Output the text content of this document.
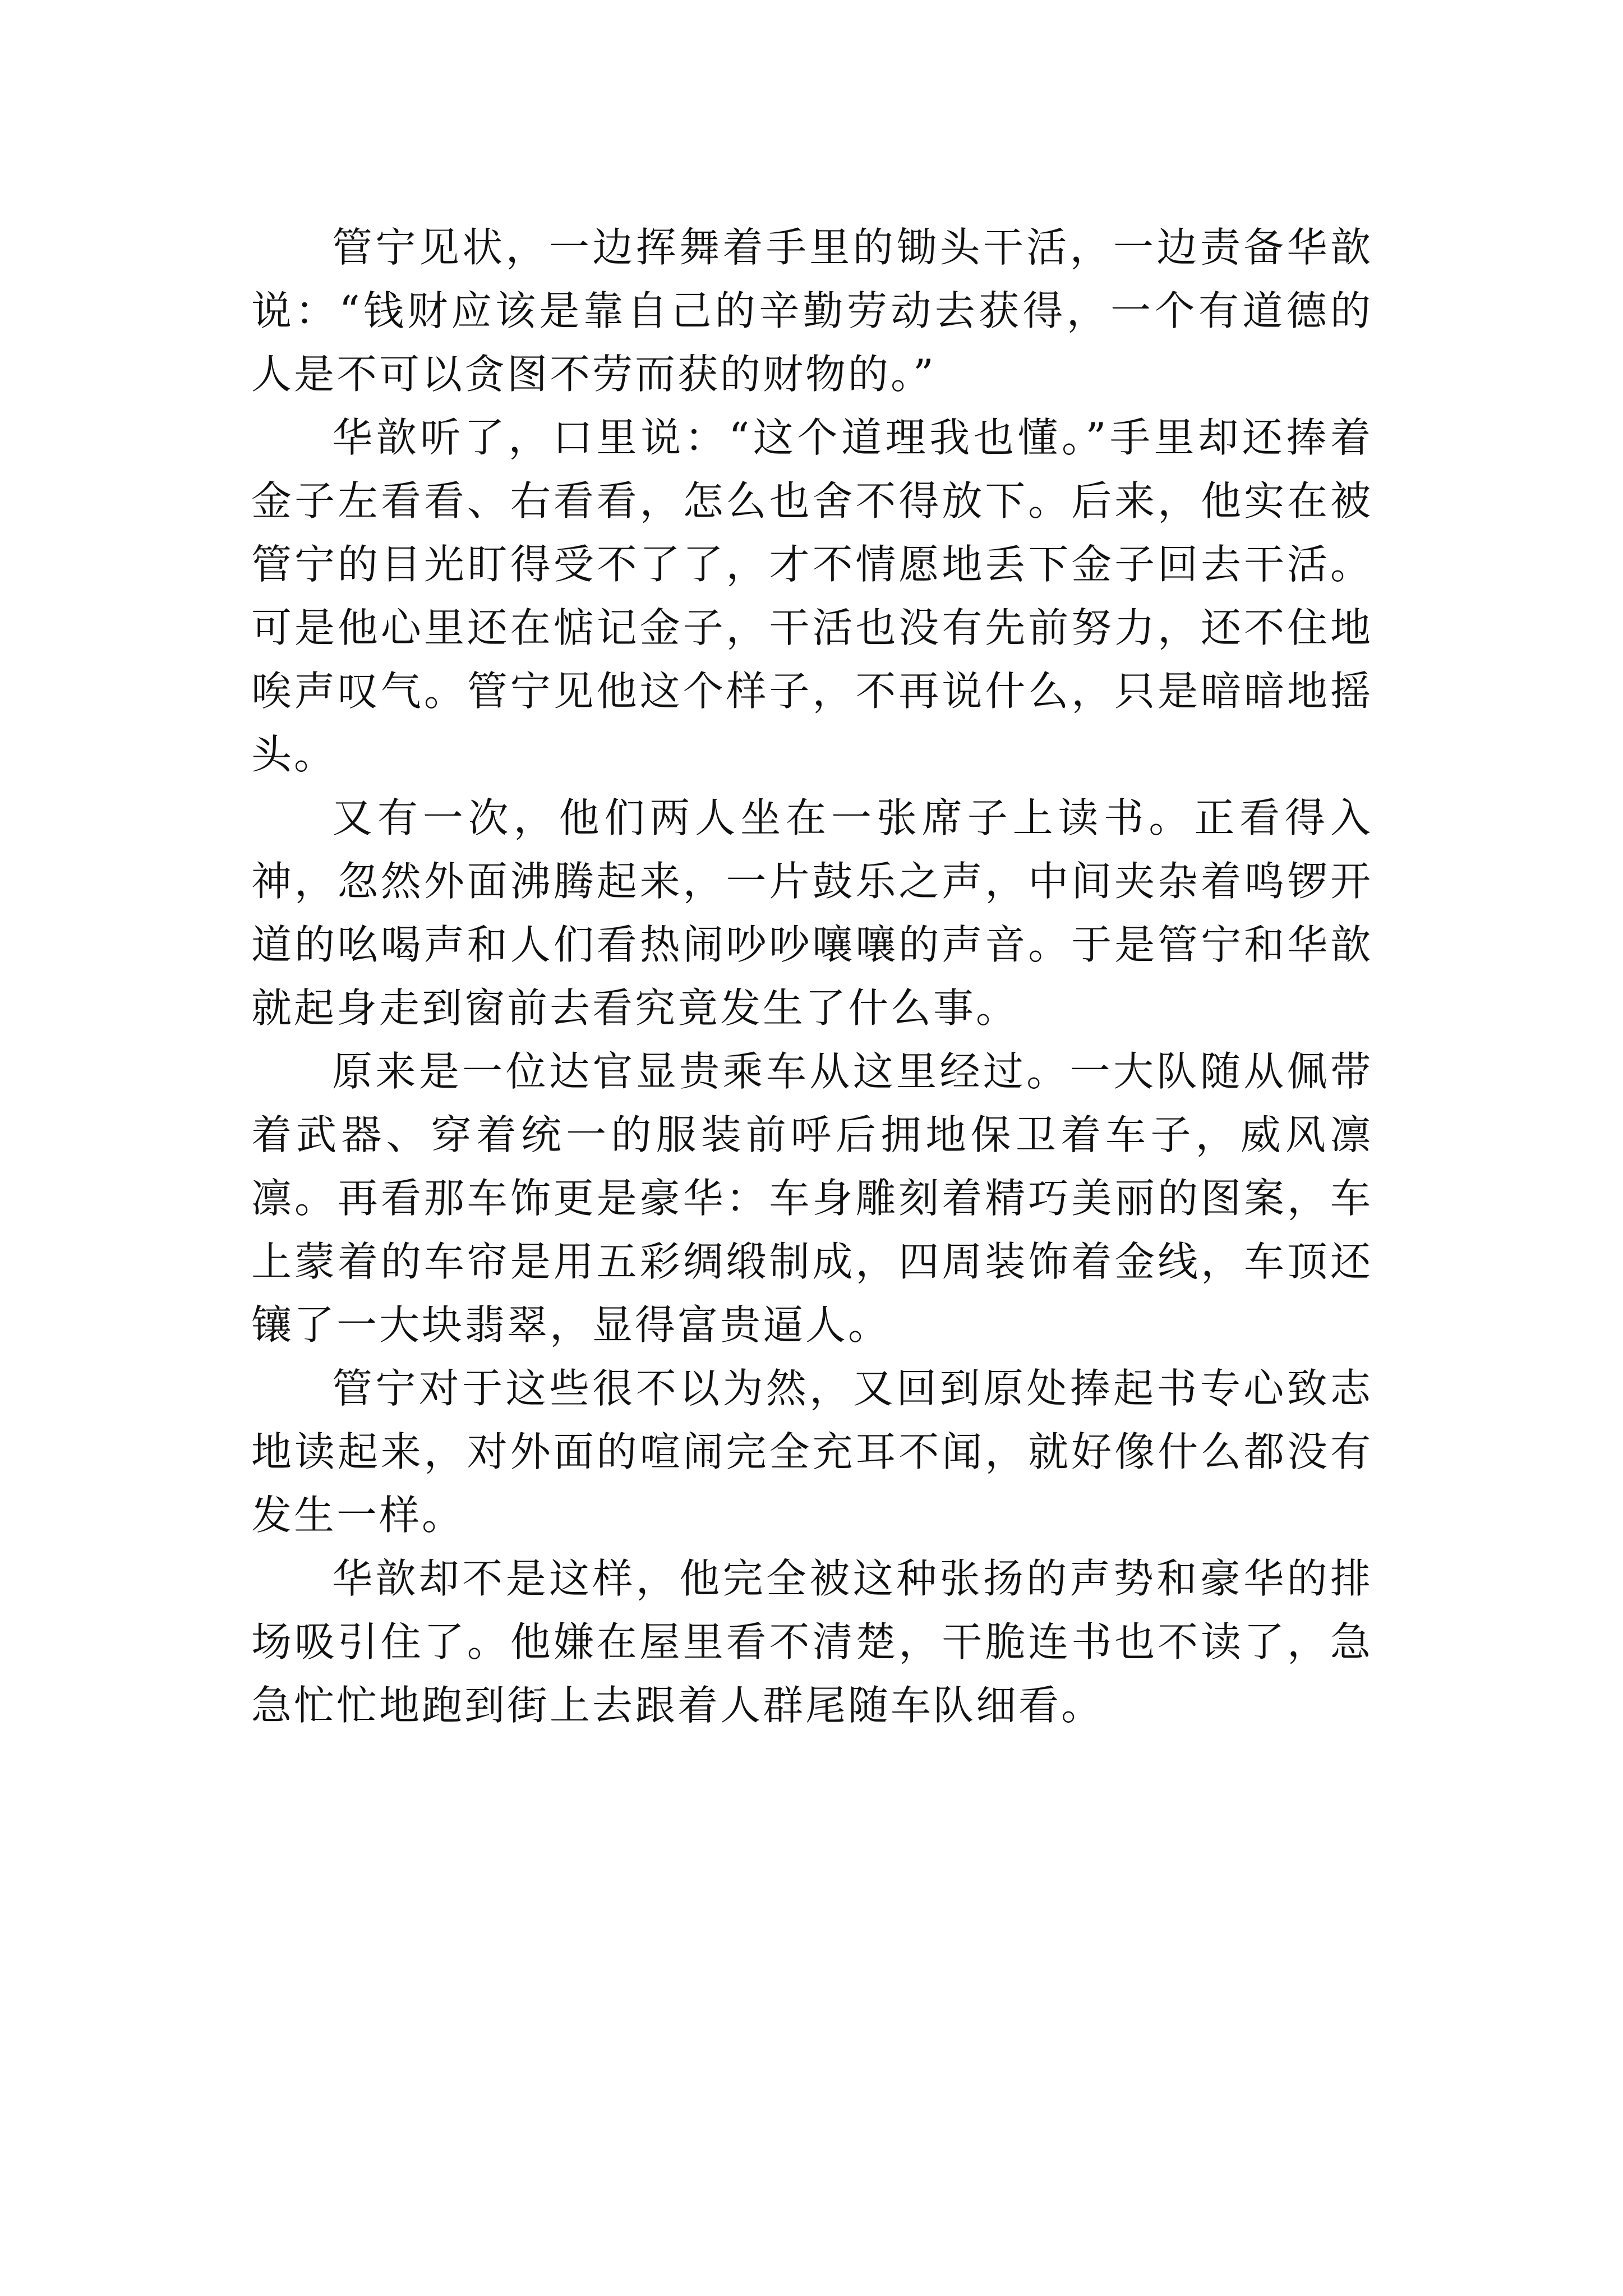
管宁见状，一边挥舞着手里的锄头干活，一边责备华歆说：“钱财应该是靠自己的辛勤劳动去获得，一个有道德的人是不可以贪图不劳而获的财物的。”

华歆听了，口里说：“这个道理我也懂。”手里却还捧着金子左看看、右看看，怎么也舍不得放下。后来，他实在被管宁的目光盯得受不了了，才不情愿地丢下金子回去干活。可是他心里还在惦记金子，干活也没有先前努力，还不住地唉声叹气。管宁见他这个样子，不再说什么，只是暗暗地摇头。

又有一次，他们两人坐在一张席子上读书。正看得入神，忽然外面沸腾起来，一片鼓乐之声，中间夹杂着鸣锣开道的吆喝声和人们看热闹吵吵嚷嚷的声音。于是管宁和华歆就起身走到窗前去看究竟发生了什么事。

原来是一位达官显贵乘车从这里经过。一大队随从佩带着武器、穿着统一的服装前呼后拥地保卫着车子，威风凛凛。再看那车饰更是豪华：车身雕刻着精巧美丽的图案，车上蒙着的车帘是用五彩绸缎制成，四周装饰着金线，车顶还镶了一大块翡翠，显得富贵逼人。

管宁对于这些很不以为然，又回到原处捧起书专心致志地读起来，对外面的喧闹完全充耳不闻，就好像什么都没有发生一样。

华歆却不是这样，他完全被这种张扬的声势和豪华的排场吸引住了。他嫌在屋里看不清楚，干脆连书也不读了，急急忙忙地跑到街上去跟着人群尾随车队细看。
